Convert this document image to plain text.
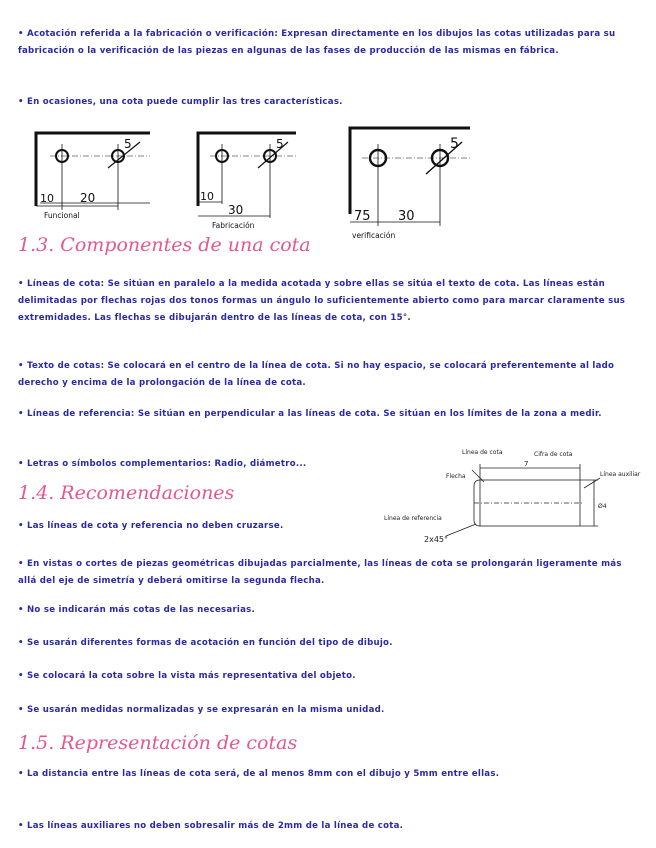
• Acotación referida a la fabricación o verificación: Expresan directamente en los dibujos las cotas utilizadas para su fabricación o la verificación de las piezas en algunas de las fases de producción de las mismas en fábrica.
• En ocasiones, una cota puede cumplir las tres características.
5
10 20
Funcional
5
10
30
Fabricación
5
75 30
verificación
1.3. Componentes de una cota
• Líneas de cota: Se sitúan en paralelo a la medida acotada y sobre ellas se sitúa el texto de cota. Las líneas están delimitadas por flechas rojas dos tonos formas un ángulo lo suficientemente abierto como para marcar claramente sus extremidades. Las flechas se dibujarán dentro de las líneas de cota, con 15°.
• Texto de cotas: Se colocará en el centro de la línea de cota. Si no hay espacio, se colocará preferentemente al lado derecho y encima de la prolongación de la línea de cota.
• Líneas de referencia: Se sitúan en perpendicular a las líneas de cota. Se sitúan en los límites de la zona a medir.
• Letras o símbolos complementarios: Radio, diámetro...
Línea de cota	Cifra de cota
Flecha	Línea auxiliar
Línea de referencia
7
Ø4
2x45°
1.4. Recomendaciones
• Las líneas de cota y referencia no deben cruzarse.
• En vistas o cortes de piezas geométricas dibujadas parcialmente, las líneas de cota se prolongarán ligeramente más allá del eje de simetría y deberá omitirse la segunda flecha.
• No se indicarán más cotas de las necesarias.
• Se usarán diferentes formas de acotación en función del tipo de dibujo.
• Se colocará la cota sobre la vista más representativa del objeto.
• Se usarán medidas normalizadas y se expresarán en la misma unidad.
1.5. Representación de cotas
• La distancia entre las líneas de cota será, de al menos 8mm con el dibujo y 5mm entre ellas.
• Las líneas auxiliares no deben sobresalir más de 2mm de la línea de cota.
